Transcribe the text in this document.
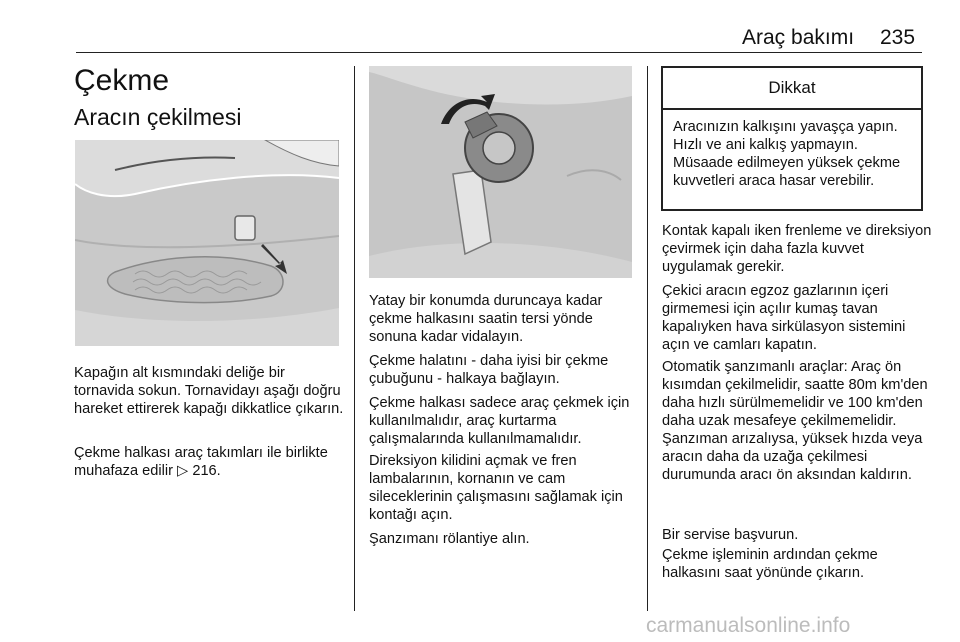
Araç bakımı 235
Çekme
Aracın çekilmesi

Kapağın alt kısmındaki deliğe bir tornavida sokun. Tornavidayı aşağı doğru hareket ettirerek kapağı dikkatlice çıkarın.

Çekme halkası araç takımları ile birlikte muhafaza edilir ▷ 216.

Yatay bir konumda duruncaya kadar çekme halkasını saatin tersi yönde sonuna kadar vidalayın.

Çekme halatını - daha iyisi bir çekme çubuğunu - halkaya bağlayın.

Çekme halkası sadece araç çekmek için kullanılmalıdır, araç kurtarma çalışmalarında kullanılmamalıdır.

Direksiyon kilidini açmak ve fren lambalarının, kornanın ve cam sileceklerinin çalışmasını sağlamak için kontağı açın.

Şanzımanı rölantiye alın.

Dikkat
Aracınızın kalkışını yavaşça yapın. Hızlı ve ani kalkış yapmayın. Müsaade edilmeyen yüksek çekme kuvvetleri araca hasar verebilir.

Kontak kapalı iken frenleme ve direksiyon çevirmek için daha fazla kuvvet uygulamak gerekir.

Çekici aracın egzoz gazlarının içeri girmemesi için açılır kumaş tavan kapalıyken hava sirkülasyon sistemini açın ve camları kapatın.

Otomatik şanzımanlı araçlar: Araç ön kısımdan çekilmelidir, saatte 80m km'den daha hızlı sürülmemelidir ve 100 km'den daha uzak mesafeye çekilmemelidir. Şanzıman arızalıysa, yüksek hızda veya aracın daha da uzağa çekilmesi durumunda aracı ön aksından kaldırın.

Bir servise başvurun.

Çekme işleminin ardından çekme halkasını saat yönünde çıkarın.

carmanualsonline.info
